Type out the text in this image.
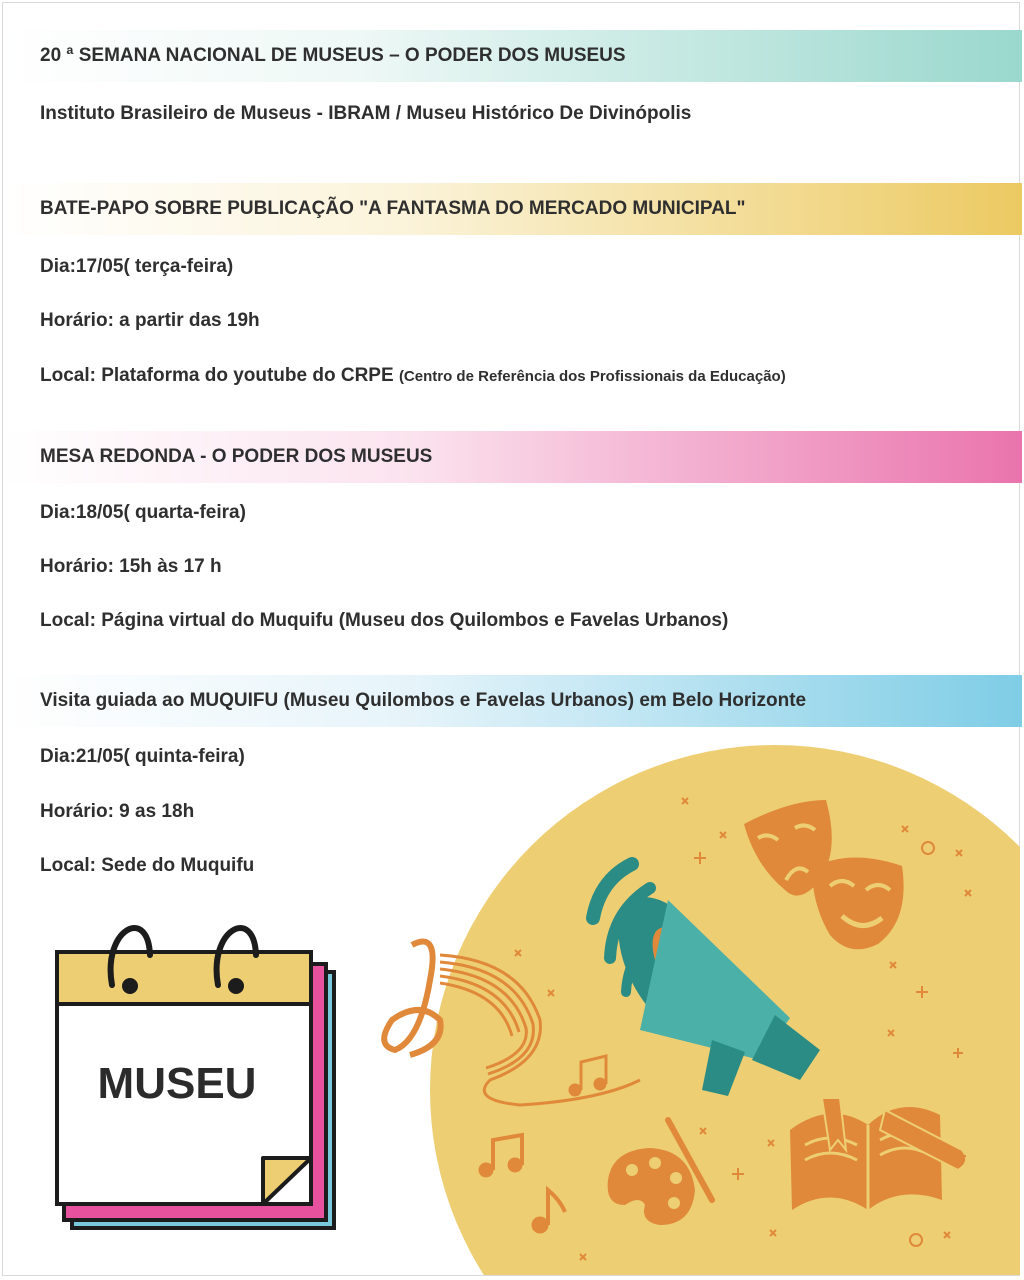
20 ª SEMANA NACIONAL DE MUSEUS – O PODER DOS MUSEUS
Instituto Brasileiro de Museus - IBRAM / Museu Histórico De Divinópolis
BATE-PAPO SOBRE PUBLICAÇÃO "A FANTASMA DO MERCADO MUNICIPAL"
Dia:17/05( terça-feira)
Horário: a partir das 19h
Local: Plataforma do youtube do CRPE (Centro de Referência dos Profissionais da Educação)
MESA REDONDA - O PODER DOS MUSEUS
Dia:18/05( quarta-feira)
Horário: 15h às 17 h
Local: Página virtual do Muquifu (Museu dos Quilombos e Favelas Urbanos)
Visita guiada ao MUQUIFU (Museu Quilombos e Favelas Urbanos) em Belo Horizonte
Dia:21/05( quinta-feira)
Horário: 9 as 18h
Local: Sede do Muquifu
MUSEU
